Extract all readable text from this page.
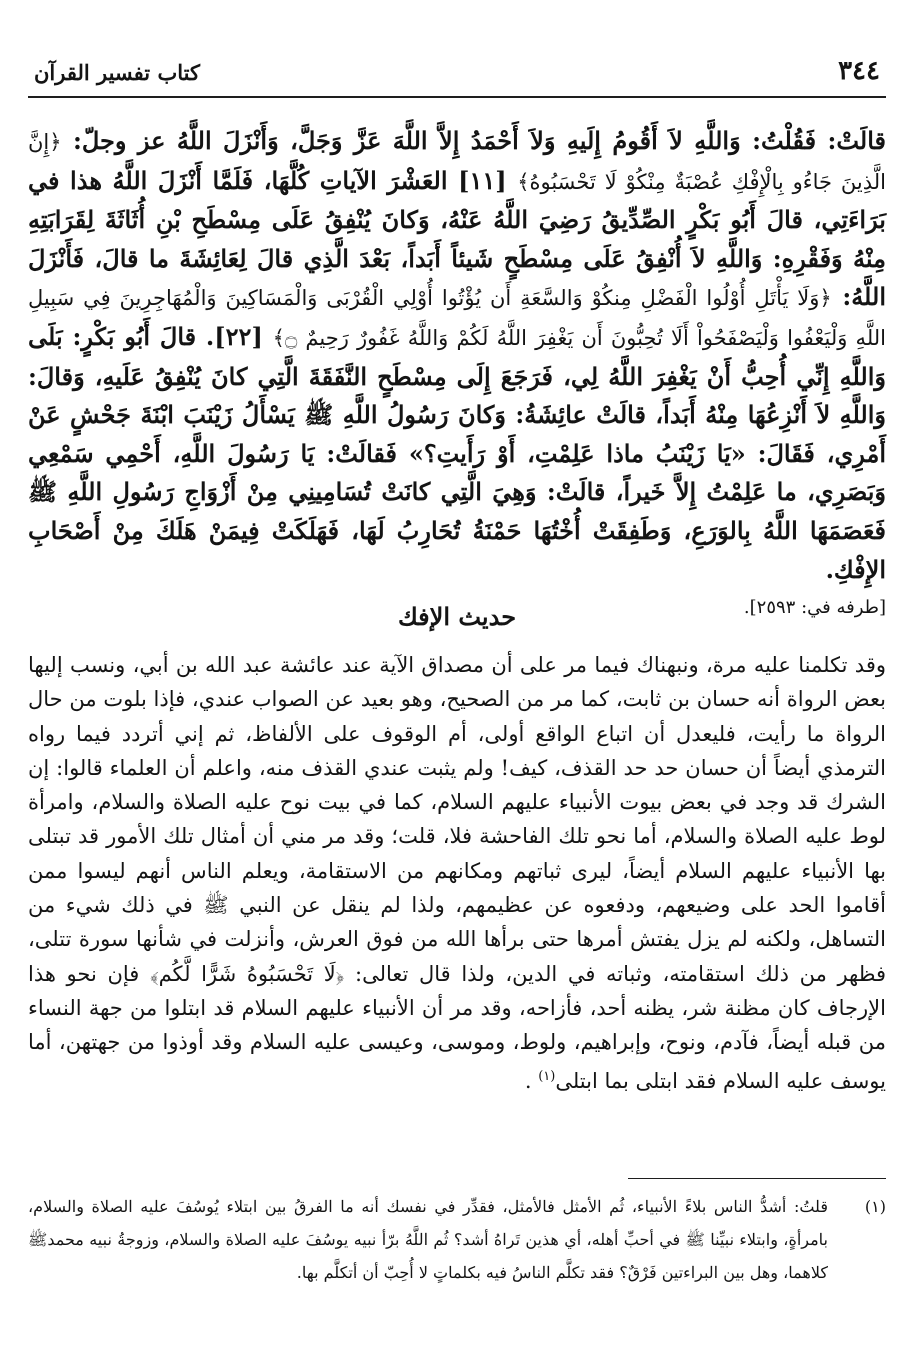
٣٤٤
كتاب تفسير القرآن

قالَتْ: فَقُلْتُ: وَاللَّهِ لاَ أَقُومُ إِلَيهِ وَلاَ أَحْمَدُ إِلاَّ اللَّهَ عَزَّ وَجَلَّ، وَأَنْزَلَ اللَّهُ عز وجلّ: ﴿إِنَّ الَّذِينَ جَاءُو بِالْإِفْكِ عُصْبَةٌ مِنْكُوْ لَا تَحْسَبُوهُ﴾ [١١] العَشْرَ الآياتِ كُلَّهَا، فَلَمَّا أَنْزَلَ اللَّهُ هذا في بَرَاءَتِي، قالَ أَبُو بَكْرٍ الصِّدِّيقُ رَضِيَ اللَّهُ عَنْهُ، وَكانَ يُنْفِقُ عَلَى مِسْطَحِ بْنِ أُثَاثَةَ لِقَرَابَتِهِ مِنْهُ وَفَقْرِهِ: وَاللَّهِ لاَ أُنْفِقُ عَلَى مِسْطَحٍ شَيئاً أَبَداً، بَعْدَ الَّذِي قالَ لِعَائِشَةَ ما قالَ، فَأَنْزَلَ اللَّهُ: ﴿وَلَا يَأْتَلِ أُوْلُوا الْفَضْلِ مِنكُوْ وَالسَّعَةِ أَن يُؤْتُوا أُوْلِي الْقُرْبَى وَالْمَسَاكِينَ وَالْمُهَاجِرِينَ فِي سَبِيلِ اللَّهِ وَلْيَعْفُوا وَلْيَصْفَحُواْ أَلَا تُحِبُّونَ أَن يَغْفِرَ اللَّهُ لَكُمْ وَاللَّهُ غَفُورٌ رَحِيمٌ ۝﴾ [٢٢]. قالَ أَبُو بَكْرٍ: بَلَى وَاللَّهِ إِنِّي أُحِبُّ أَنْ يَغْفِرَ اللَّهُ لِي، فَرَجَعَ إِلَى مِسْطَحٍ النَّفَقَةَ الَّتِي كانَ يُنْفِقُ عَلَيهِ، وَقالَ: وَاللَّهِ لاَ أَنْزِعُهَا مِنْهُ أَبَداً، قالَتْ عائِشَةُ: وَكانَ رَسُولُ اللَّهِ ﷺ يَسْأَلُ زَيْنَبَ ابْنَةَ جَحْشٍ عَنْ أَمْرِي، فَقَالَ: «يَا زَيْنَبُ ماذا عَلِمْتِ، أَوْ رَأَيتِ؟» فَقالَتْ: يَا رَسُولَ اللَّهِ، أَحْمِي سَمْعِي وَبَصَرِي، ما عَلِمْتُ إِلاَّ خَيراً، قالَتْ: وَهِيَ الَّتِي كانَتْ تُسَامِينِي مِنْ أَزْوَاجِ رَسُولِ اللَّهِ ﷺ فَعَصَمَهَا اللَّهُ بِالوَرَعِ، وَطَفِقَتْ أُخْتُهَا حَمْنَةُ تُحَارِبُ لَهَا، فَهَلَكَتْ فِيمَنْ هَلَكَ مِنْ أَصْحَابِ الإِفْكِ.

[طرفه في: ٢٥٩٣].

حديث الإفك

وقد تكلمنا عليه مرة، ونبهناك فيما مر على أن مصداق الآية عند عائشة عبد الله بن أبي، ونسب إليها بعض الرواة أنه حسان بن ثابت، كما مر من الصحيح، وهو بعيد عن الصواب عندي، فإذا بلوت من حال الرواة ما رأيت، فليعدل أن اتباع الواقع أولى، أم الوقوف على الألفاظ، ثم إني أتردد فيما رواه الترمذي أيضاً أن حسان حد حد القذف، كيف! ولم يثبت عندي القذف منه، واعلم أن العلماء قالوا: إن الشرك قد وجد في بعض بيوت الأنبياء عليهم السلام، كما في بيت نوح عليه الصلاة والسلام، وامرأة لوط عليه الصلاة والسلام، أما نحو تلك الفاحشة فلا، قلت؛ وقد مر مني أن أمثال تلك الأمور قد تبتلى بها الأنبياء عليهم السلام أيضاً، ليرى ثباتهم ومكانهم من الاستقامة، ويعلم الناس أنهم ليسوا ممن أقاموا الحد على وضيعهم، ودفعوه عن عظيمهم، ولذا لم ينقل عن النبي ﷺ في ذلك شيء من التساهل، ولكنه لم يزل يفتش أمرها حتى برأها الله من فوق العرش، وأنزلت في شأنها سورة تتلى، فظهر من ذلك استقامته، وثباته في الدين، ولذا قال تعالى: ﴿لَا تَحْسَبُوهُ شَرًّا لَّكُم﴾ فإن نحو هذا الإرجاف كان مظنة شر، يظنه أحد، فأزاحه، وقد مر أن الأنبياء عليهم السلام قد ابتلوا من جهة النساء من قبله أيضاً، فآدم، ونوح، وإبراهيم، ولوط، وموسى، وعيسى عليه السلام وقد أوذوا من جهتهن، أما يوسف عليه السلام فقد ابتلى بما ابتلى$^{(١)}$ .

(١)
قلتُ: أشدُّ الناس بلاءً الأنبياء، ثُم الأمثل فالأمثل، فقدِّر في نفسك أنه ما الفرقُ بين ابتلاء يُوسُفَ عليه الصلاة والسلام، بامرأةٍ، وابتلاء نبيِّنا ﷺ في أحبِّ أهله، أي هذين تَراهُ أشد؟ ثُم اللَّهُ برّأ نبيه يوسُفَ عليه الصلاة والسلام، وزوجةُ نبيه محمدﷺ كلاهما، وهل بين البراءتين فَرْقٌ؟ فقد تكلَّم الناسُ فيه بكلماتٍ لا أُحِبّ أن أتكلَّم بها.
